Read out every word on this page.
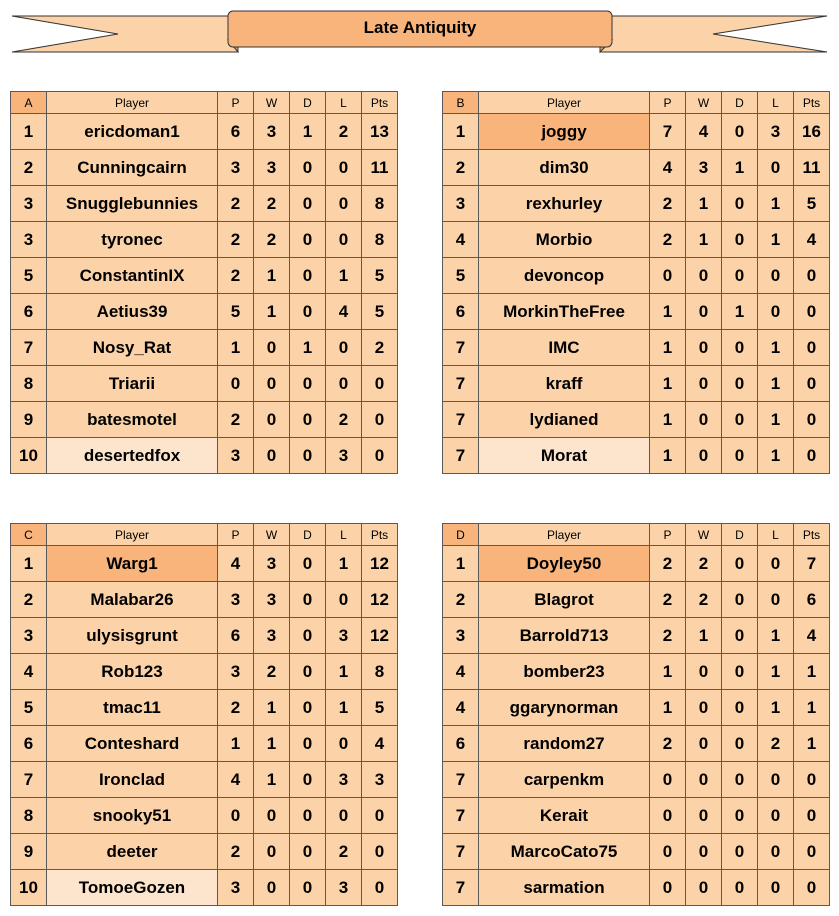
Late Antiquity
A	Player	P	W	D	L	Pts
1	ericdoman1	6	3	1	2	13
2	Cunningcairn	3	3	0	0	11
3	Snugglebunnies	2	2	0	0	8
3	tyronec	2	2	0	0	8
5	ConstantinIX	2	1	0	1	5
6	Aetius39	5	1	0	4	5
7	Nosy_Rat	1	0	1	0	2
8	Triarii	0	0	0	0	0
9	batesmotel	2	0	0	2	0
10	desertedfox	3	0	0	3	0
B	Player	P	W	D	L	Pts
1	joggy	7	4	0	3	16
2	dim30	4	3	1	0	11
3	rexhurley	2	1	0	1	5
4	Morbio	2	1	0	1	4
5	devoncop	0	0	0	0	0
6	MorkinTheFree	1	0	1	0	0
7	IMC	1	0	0	1	0
7	kraff	1	0	0	1	0
7	lydianed	1	0	0	1	0
7	Morat	1	0	0	1	0
C	Player	P	W	D	L	Pts
1	Warg1	4	3	0	1	12
2	Malabar26	3	3	0	0	12
3	ulysisgrunt	6	3	0	3	12
4	Rob123	3	2	0	1	8
5	tmac11	2	1	0	1	5
6	Conteshard	1	1	0	0	4
7	Ironclad	4	1	0	3	3
8	snooky51	0	0	0	0	0
9	deeter	2	0	0	2	0
10	TomoeGozen	3	0	0	3	0
D	Player	P	W	D	L	Pts
1	Doyley50	2	2	0	0	7
2	Blagrot	2	2	0	0	6
3	Barrold713	2	1	0	1	4
4	bomber23	1	0	0	1	1
4	ggarynorman	1	0	0	1	1
6	random27	2	0	0	2	1
7	carpenkm	0	0	0	0	0
7	Kerait	0	0	0	0	0
7	MarcoCato75	0	0	0	0	0
7	sarmation	0	0	0	0	0
